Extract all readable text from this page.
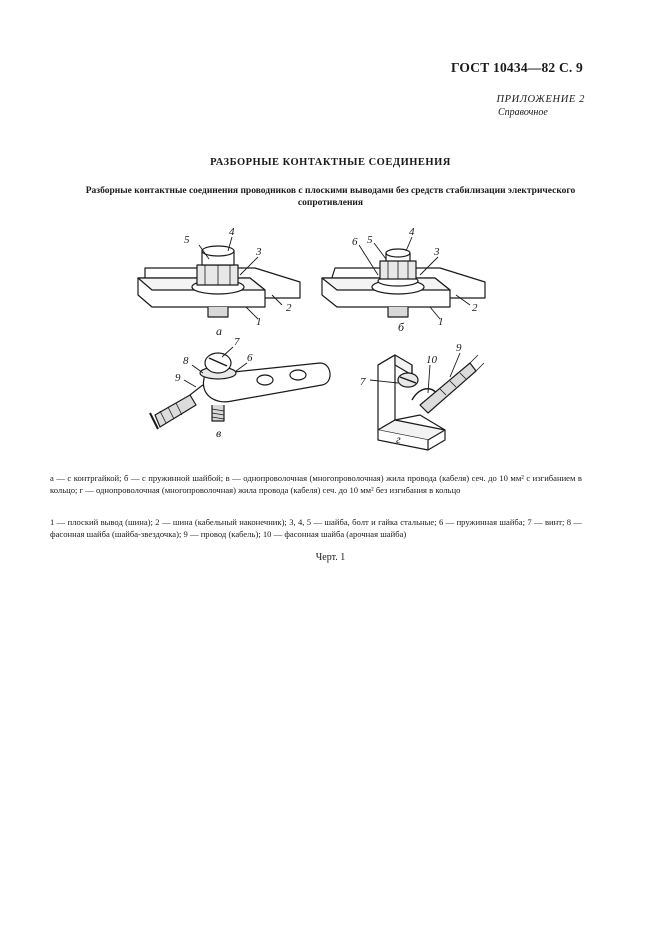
ГОСТ 10434—82 С. 9
ПРИЛОЖЕНИЕ 2
Справочное
РАЗБОРНЫЕ КОНТАКТНЫЕ СОЕДИНЕНИЯ
Разборные контактные соединения проводников с плоскими выводами без средств стабилизации электрического сопротивления
5
4
3
2
1
6 5
4
3
2
1
7
6
8
9
9
10
7
а	б
в	г
а — с контргайкой; б — с пружинной шайбой; в — однопроволочная (многопроволочная) жила провода (кабеля) сеч. до 10 мм² с изгибанием в кольцо; г — однопроволочная (многопроволочная) жила провода (кабеля) сеч. до 10 мм² без изгибания в кольцо
1 — плоский вывод (шина); 2 — шина (кабельный наконечник); 3, 4, 5 — шайба, болт и гайка стальные; 6 — пружинная шайба; 7 — винт; 8 — фасонная шайба (шайба-звездочка); 9 — провод (кабель); 10 — фасонная шайба (арочная шайба)
Черт. 1
